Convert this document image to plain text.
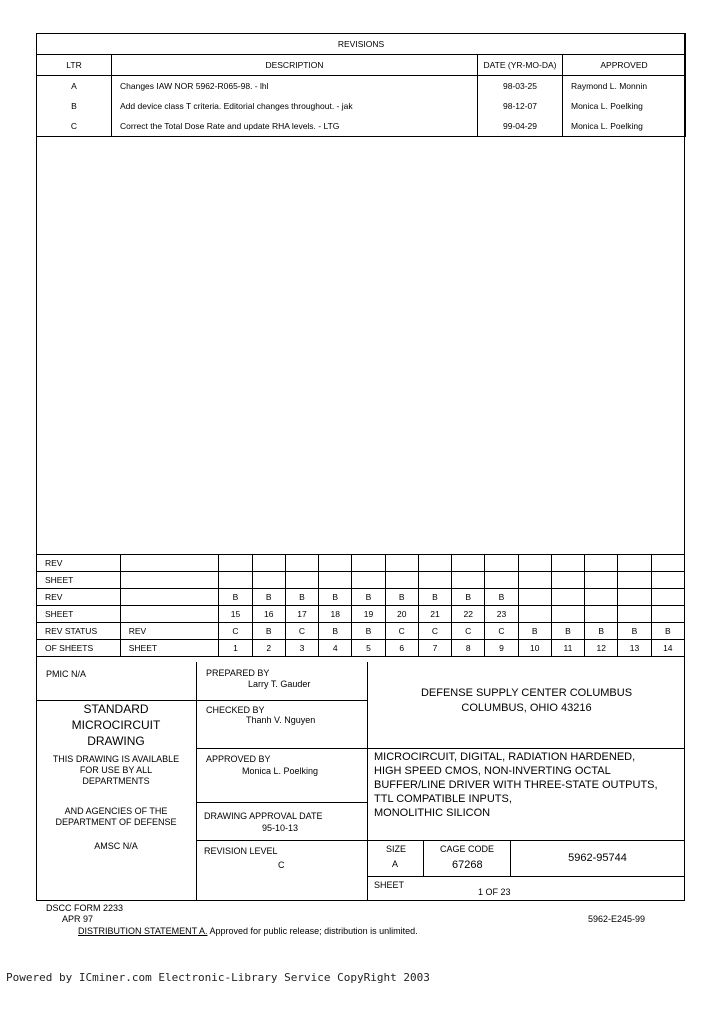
REVISIONS			
LTR	DESCRIPTION	DATE (YR-MO-DA)	APPROVED
A	Changes IAW NOR 5962-R065-98. - lhl	98-03-25	Raymond L. Monnin
B	Add device class T criteria. Editorial changes throughout. - jak	98-12-07	Monica L. Poelking
C	Correct the Total Dose Rate and update RHA levels. - LTG	99-04-29	Monica L. Poelking
REV															
SHEET															
REV		B	B	B	B	B	B	B	B	B					
SHEET		15	16	17	18	19	20	21	22	23					
REV STATUS	REV	C	B	C	B	B	C	C	C	C	B	B	B	B	B
OF SHEETS	SHEET	1	2	3	4	5	6	7	8	9	10	11	12	13	14
PMIC N/A
STANDARD
MICROCIRCUIT
DRAWING
THIS DRAWING IS AVAILABLE
FOR USE BY ALL
DEPARTMENTS
AND AGENCIES OF THE
DEPARTMENT OF DEFENSE
AMSC N/A
PREPARED BY
Larry T. Gauder
CHECKED BY
Thanh V. Nguyen
APPROVED BY
Monica L. Poelking
DRAWING APPROVAL DATE
95-10-13
REVISION LEVEL
C
DEFENSE SUPPLY CENTER COLUMBUS
COLUMBUS, OHIO 43216
MICROCIRCUIT, DIGITAL, RADIATION HARDENED,
HIGH SPEED CMOS, NON-INVERTING OCTAL
BUFFER/LINE DRIVER WITH THREE-STATE OUTPUTS,
TTL COMPATIBLE INPUTS,
MONOLITHIC SILICON
SIZE
A
CAGE CODE
67268
5962-95744
SHEET
1 OF 23
DSCC FORM 2233
APR 97
DISTRIBUTION STATEMENT A. Approved for public release; distribution is unlimited.
5962-E245-99
Powered by ICminer.com Electronic-Library Service CopyRight 2003
